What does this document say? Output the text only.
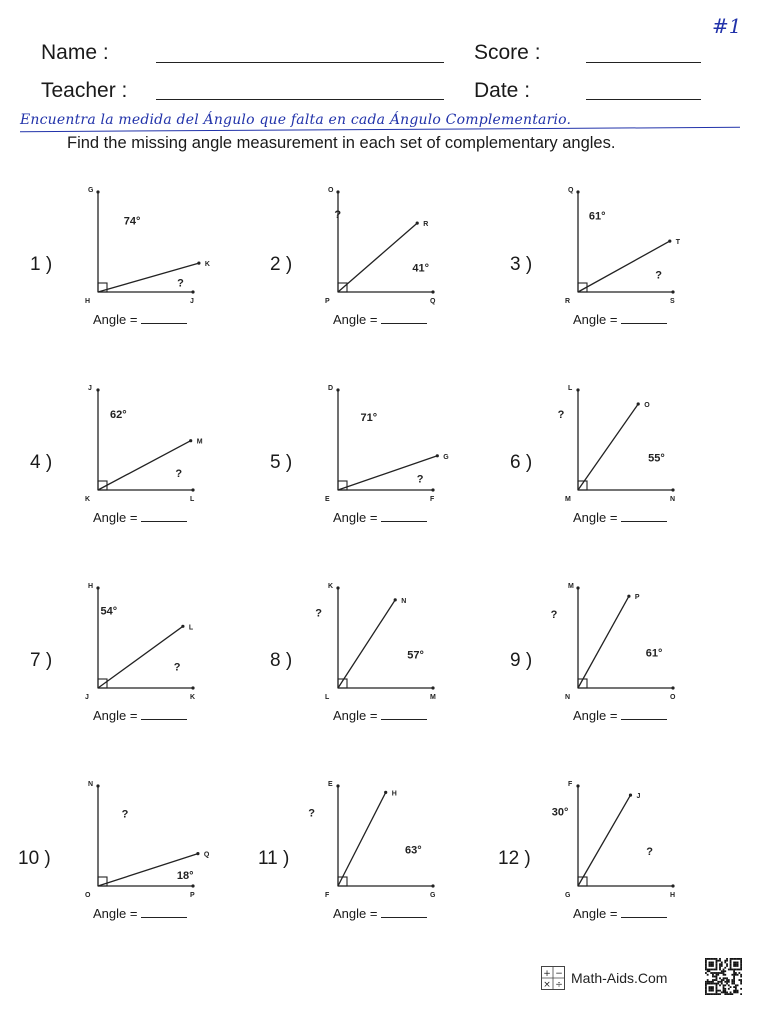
#1
Name :	Score :
Teacher :	Date :
Encuentra la medida del Ángulo que falta en cada Ángulo Complementario.
Find the missing angle measurement in each set of complementary angles.
1 )
G
H	J
K
74°
?
Angle =
2 )
O
P	Q
R
?
41°
Angle =
3 )
Q
R	S
T
61°
?
Angle =
4 )
J
K	L
M
62°
?
Angle =
5 )
D
E	F
G
71°
?
Angle =
6 )
L
M	N
O
?
55°
Angle =
7 )
H
J	K
L
54°
?
Angle =
8 )
K
L	M
N
?
57°
Angle =
9 )
M
N	O
P
?
61°
Angle =
10 )
N
O	P
Q
?
18°
Angle =
11 )
E
F	G
H
?
63°
Angle =
12 )
F
G	H
J
30°
?
Angle =
+ −
× ÷ Math-Aids.Com
